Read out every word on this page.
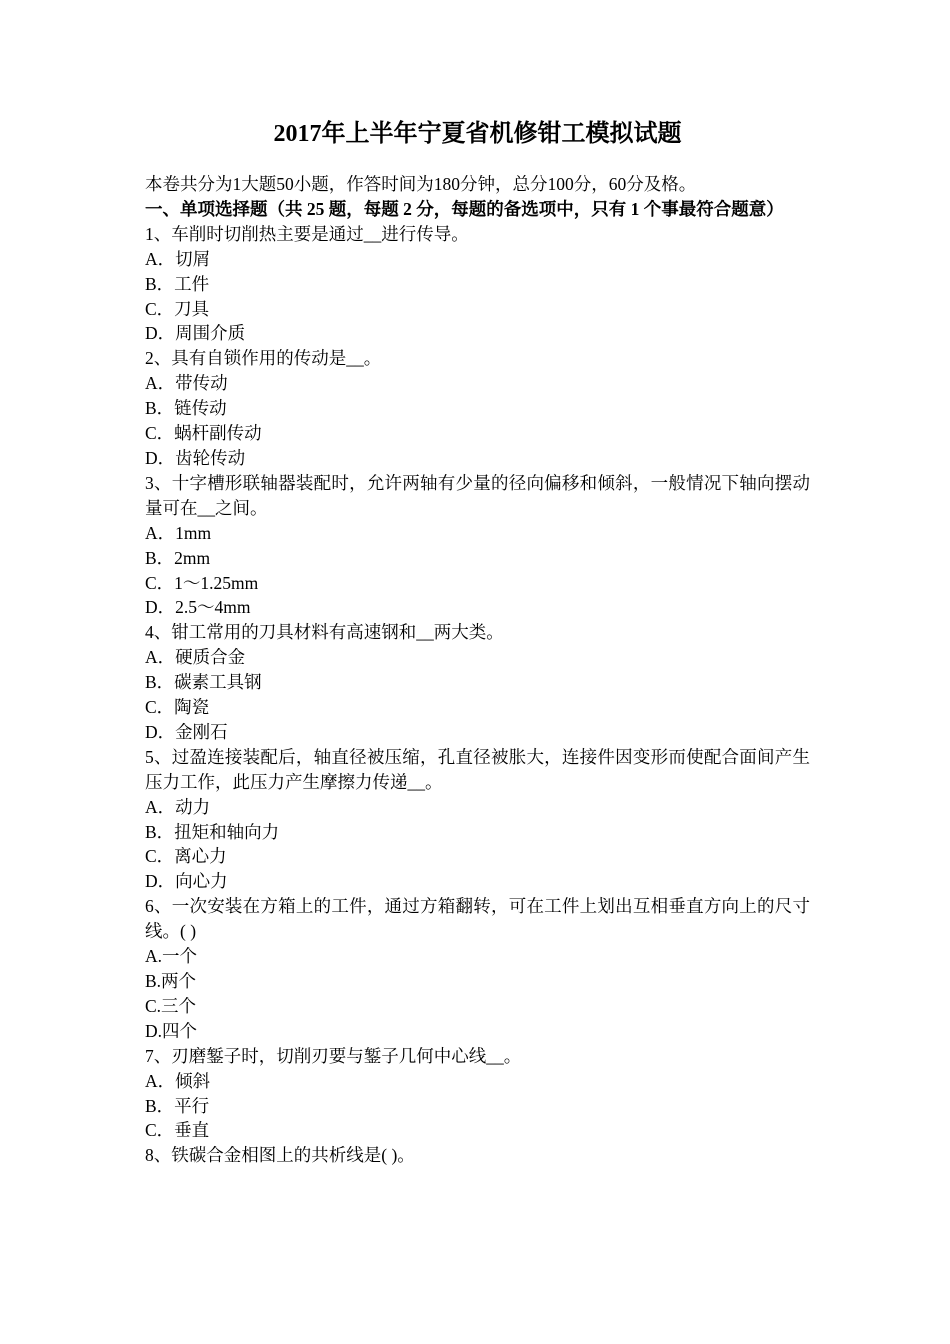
2017年上半年宁夏省机修钳工模拟试题
本卷共分为1大题50小题，作答时间为180分钟，总分100分，60分及格。
一、单项选择题（共 25 题，每题 2 分，每题的备选项中，只有 1 个事最符合题意）
1、车削时切削热主要是通过__进行传导。
A．切屑
B．工件
C．刀具
D．周围介质
2、具有自锁作用的传动是__。
A．带传动
B．链传动
C．蜗杆副传动
D．齿轮传动
3、十字槽形联轴器装配时，允许两轴有少量的径向偏移和倾斜，一般情况下轴向摆动量可在__之间。
A．1mm
B．2mm
C．1～1.25mm
D．2.5～4mm
4、钳工常用的刀具材料有高速钢和__两大类。
A．硬质合金
B．碳素工具钢
C．陶瓷
D．金刚石
5、过盈连接装配后，轴直径被压缩，孔直径被胀大，连接件因变形而使配合面间产生压力工作，此压力产生摩擦力传递__。
A．动力
B．扭矩和轴向力
C．离心力
D．向心力
6、一次安装在方箱上的工件，通过方箱翻转，可在工件上划出互相垂直方向上的尺寸线。( )
A.一个
B.两个
C.三个
D.四个
7、刃磨錾子时，切削刃要与錾子几何中心线__。
A．倾斜
B．平行
C．垂直
8、铁碳合金相图上的共析线是( )。
